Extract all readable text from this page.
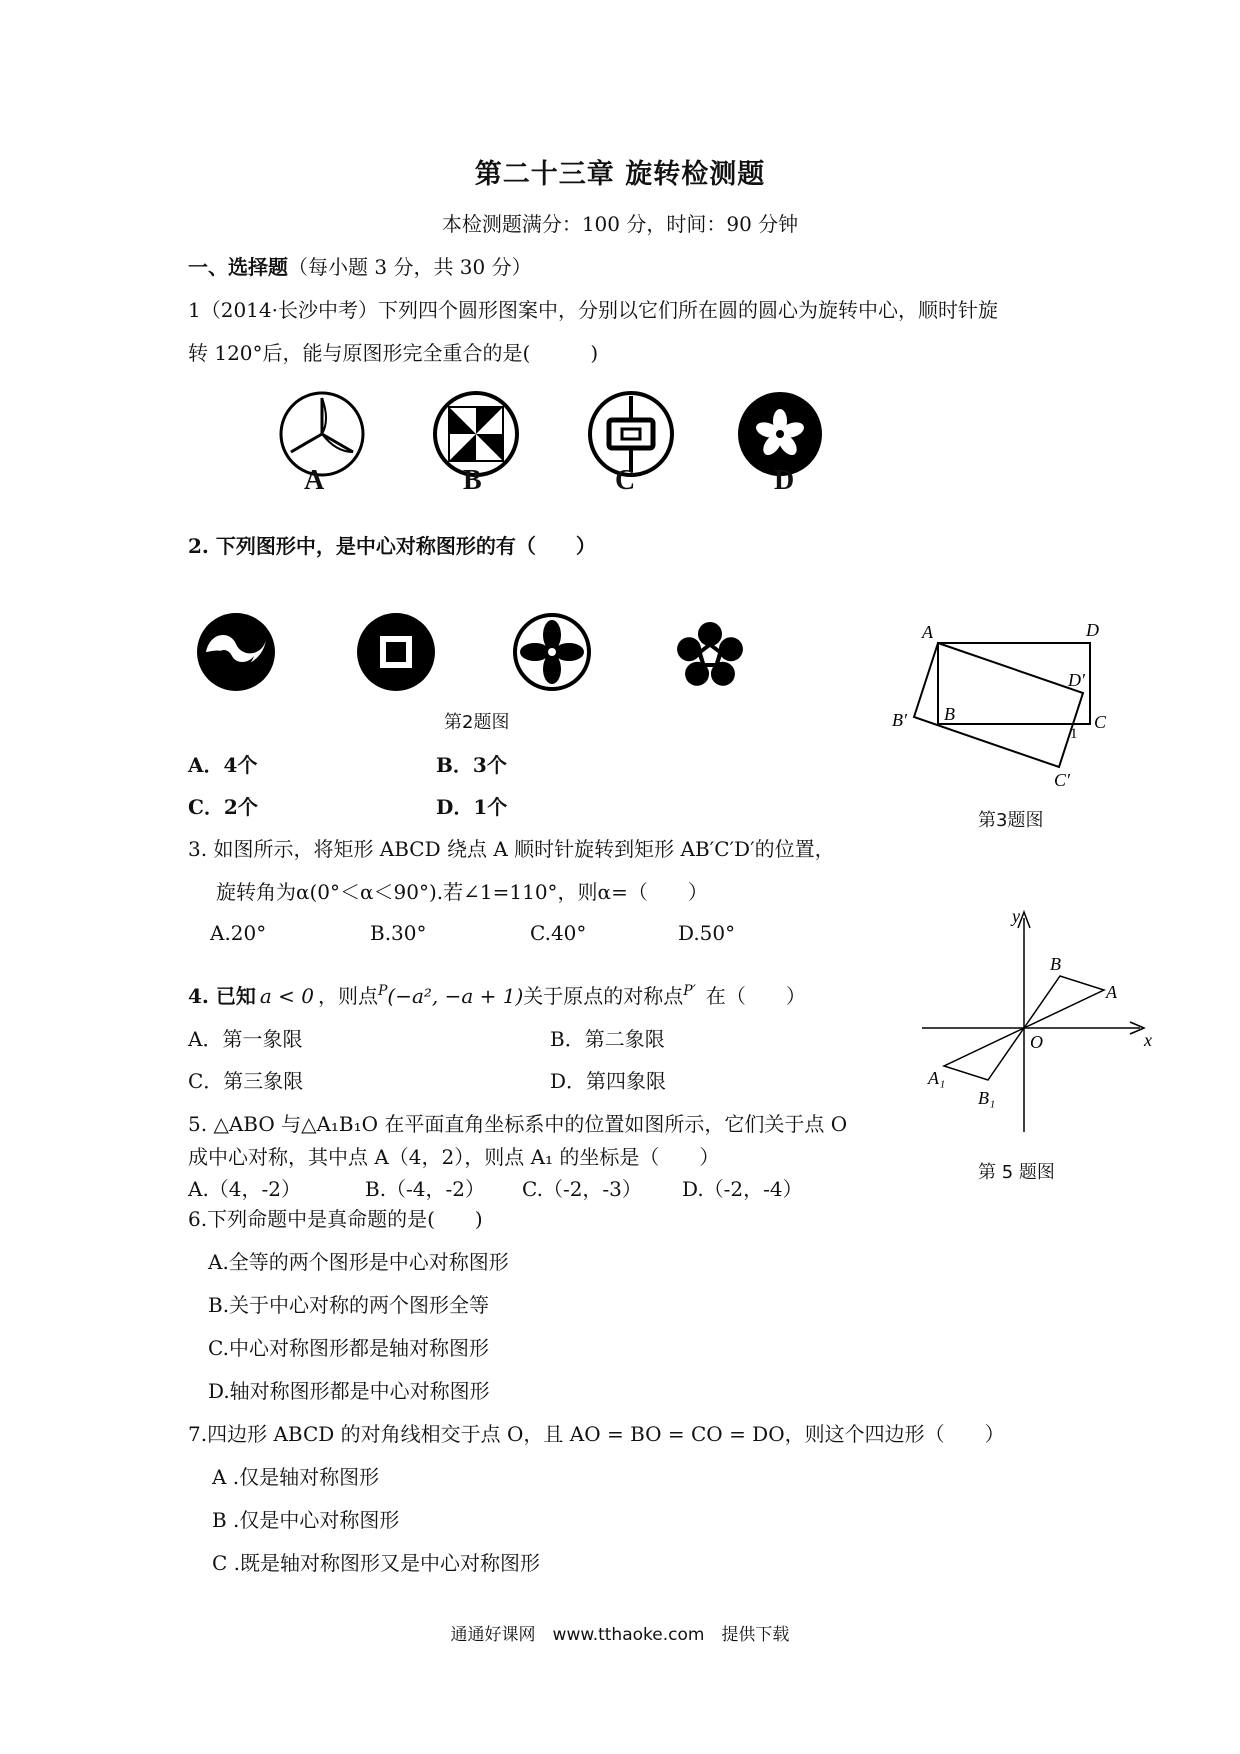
第二十三章 旋转检测题
本检测题满分：100 分，时间：90 分钟
一、选择题（每小题 3 分，共 30 分）
1（2014·长沙中考）下列四个圆形图案中，分别以它们所在圆的圆心为旋转中心，顺时针旋
转 120°后，能与原图形完全重合的是(　　　)
A	B	C	D
2. 下列图形中，是中心对称图形的有（　　）
第2题图
A．4个	B．3个
C．2个	D．1个
A	D
D′
B
B′	C
C′
1
第3题图
3. 如图所示，将矩形 ABCD 绕点 A 顺时针旋转到矩形 AB′C′D′的位置，
旋转角为α(0°＜α＜90°).若∠1=110°，则α=（　　）
A.20°	B.30°	C.40°	D.50°
y
x
O
B
A
A₁
B₁
第 5 题图
4. 已知 a < 0 ，则点$^P$(−a², −a + 1)关于原点的对称点$^{P'}$ 在（　　）
A．第一象限	B．第二象限
C．第三象限	D．第四象限
5. △ABO 与△A₁B₁O 在平面直角坐标系中的位置如图所示，它们关于点 O
成中心对称，其中点 A（4，2），则点 A₁ 的坐标是（　　）
A.（4，-2）	B.（-4，-2） C.（-2，-3） D.（-2，-4）
6.下列命题中是真命题的是(　　)
A.全等的两个图形是中心对称图形
B.关于中心对称的两个图形全等
C.中心对称图形都是轴对称图形
D.轴对称图形都是中心对称图形
7.四边形 ABCD 的对角线相交于点 O，且 AO = BO = CO = DO，则这个四边形（　　）
A .仅是轴对称图形
B .仅是中心对称图形
C .既是轴对称图形又是中心对称图形
通通好课网　www.tthaoke.com　提供下载
